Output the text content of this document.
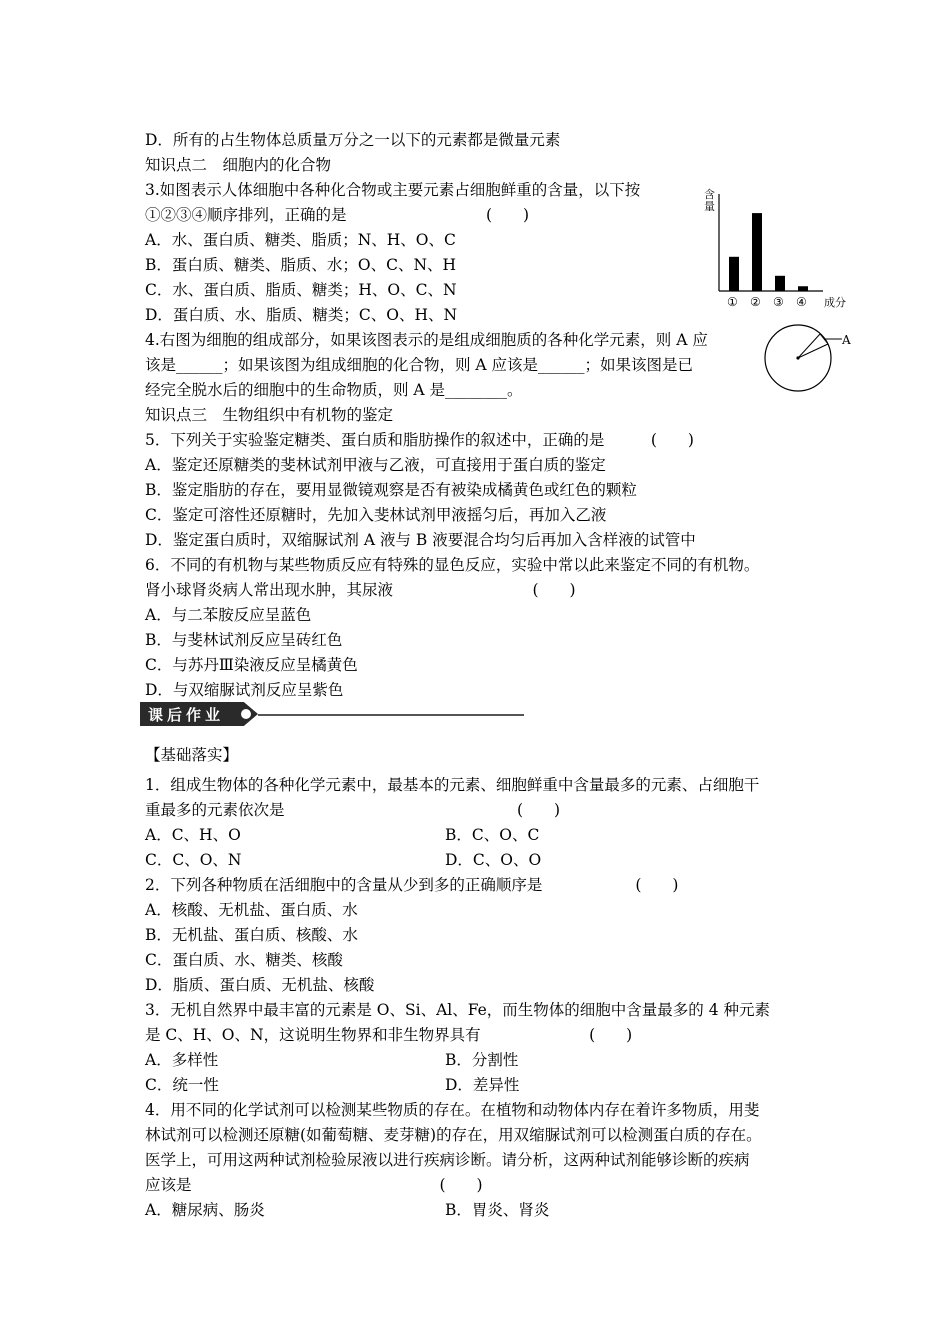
D．所有的占生物体总质量万分之一以下的元素都是微量元素
知识点二　细胞内的化合物
3.如图表示人体细胞中各种化合物或主要元素占细胞鲜重的含量，以下按
①②③④顺序排列，正确的是　　　　　　　　　(　　)
A．水、蛋白质、糖类、脂质；N、H、O、C
B．蛋白质、糖类、脂质、水；O、C、N、H
C．水、蛋白质、脂质、糖类；H、O、C、N
D．蛋白质、水、脂质、糖类；C、O、H、N
4.右图为细胞的组成部分，如果该图表示的是组成细胞质的各种化学元素，则 A 应
该是______；如果该图为组成细胞的化合物，则 A 应该是______；如果该图是已
经完全脱水后的细胞中的生命物质，则 A 是________。
知识点三　生物组织中有机物的鉴定
5．下列关于实验鉴定糖类、蛋白质和脂肪操作的叙述中，正确的是　　　(　　)
A．鉴定还原糖类的斐林试剂甲液与乙液，可直接用于蛋白质的鉴定
B．鉴定脂肪的存在，要用显微镜观察是否有被染成橘黄色或红色的颗粒
C．鉴定可溶性还原糖时，先加入斐林试剂甲液摇匀后，再加入乙液
D．鉴定蛋白质时，双缩脲试剂 A 液与 B 液要混合均匀后再加入含样液的试管中
6．不同的有机物与某些物质反应有特殊的显色反应，实验中常以此来鉴定不同的有机物。
肾小球肾炎病人常出现水肿，其尿液　　　　　　　　　(　　)
A．与二苯胺反应呈蓝色
B．与斐林试剂反应呈砖红色
C．与苏丹Ⅲ染液反应呈橘黄色
D．与双缩脲试剂反应呈紫色
课后作业
【基础落实】
1．组成生物体的各种化学元素中，最基本的元素、细胞鲜重中含量最多的元素、占细胞干
重最多的元素依次是　　　　　　　　　　　　　　　(　　)
A．C、H、O	B．C、O、C
C．C、O、N	D．C、O、O
2．下列各种物质在活细胞中的含量从少到多的正确顺序是　　　　　　(　　)
A．核酸、无机盐、蛋白质、水
B．无机盐、蛋白质、核酸、水
C．蛋白质、水、糖类、核酸
D．脂质、蛋白质、无机盐、核酸
3．无机自然界中最丰富的元素是 O、Si、Al、Fe，而生物体的细胞中含量最多的 4 种元素
是 C、H、O、N，这说明生物界和非生物界具有　　　　　　　(　　)
A．多样性	B．分割性
C．统一性	D．差异性
4．用不同的化学试剂可以检测某些物质的存在。在植物和动物体内存在着许多物质，用斐
林试剂可以检测还原糖(如葡萄糖、麦芽糖)的存在，用双缩脲试剂可以检测蛋白质的存在。
医学上，可用这两种试剂检验尿液以进行疾病诊断。请分析，这两种试剂能够诊断的疾病
应该是　　　　　　　　　　　　　　　　(　　)
A．糖尿病、肠炎	B．胃炎、肾炎
含
量
成分
① ② ③ ④
A
